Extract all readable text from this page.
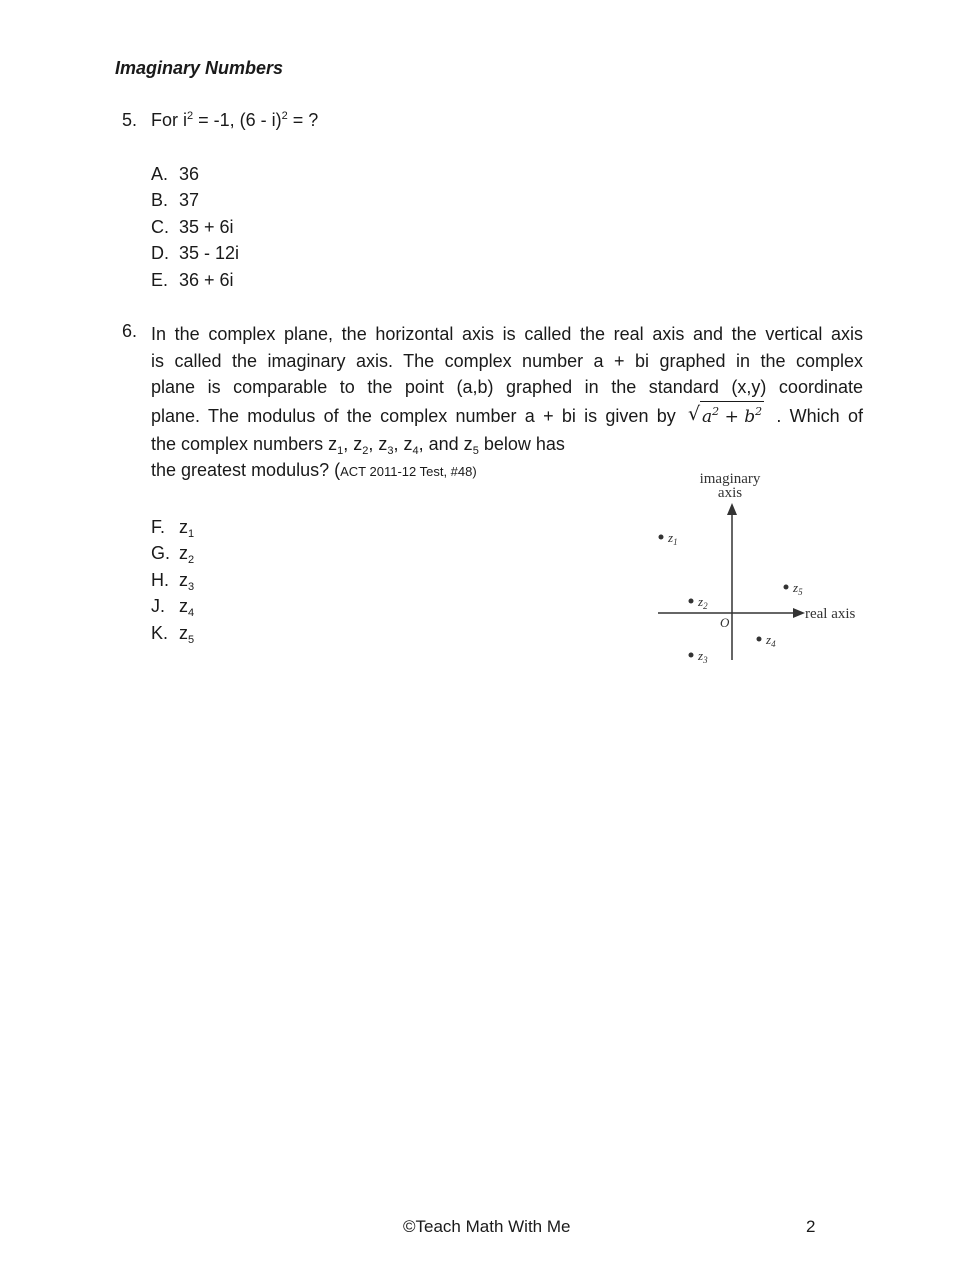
Imaginary Numbers
5. For $i^2 = -1$, (6 - i)$^2$ = ?
A. 36
B. 37
C. 35 + 6i
D. 35 - 12i
E. 36 + 6i
6. In the complex plane, the horizontal axis is called the real axis and the vertical axis
is called the imaginary axis. The complex number a + bi graphed in the complex
plane is comparable to the point (a,b) graphed in the standard (x,y) coordinate
plane. The modulus of the complex number a + bi is given by √ $a^2 + b^2$ . Which of
the complex numbers $z_1$, $z_2$, $z_3$, $z_4$, and $z_5$ below has
the greatest modulus? (ACT 2011-12 Test, #48)
F. $z_1$
G. $z_2$
H. $z_3$
J. $z_4$
K. $z_5$
imaginary
axis
real axis
O
$z_1$
$z_2$
$z_3$
$z_4$
$z_5$
©Teach Math With Me	2
